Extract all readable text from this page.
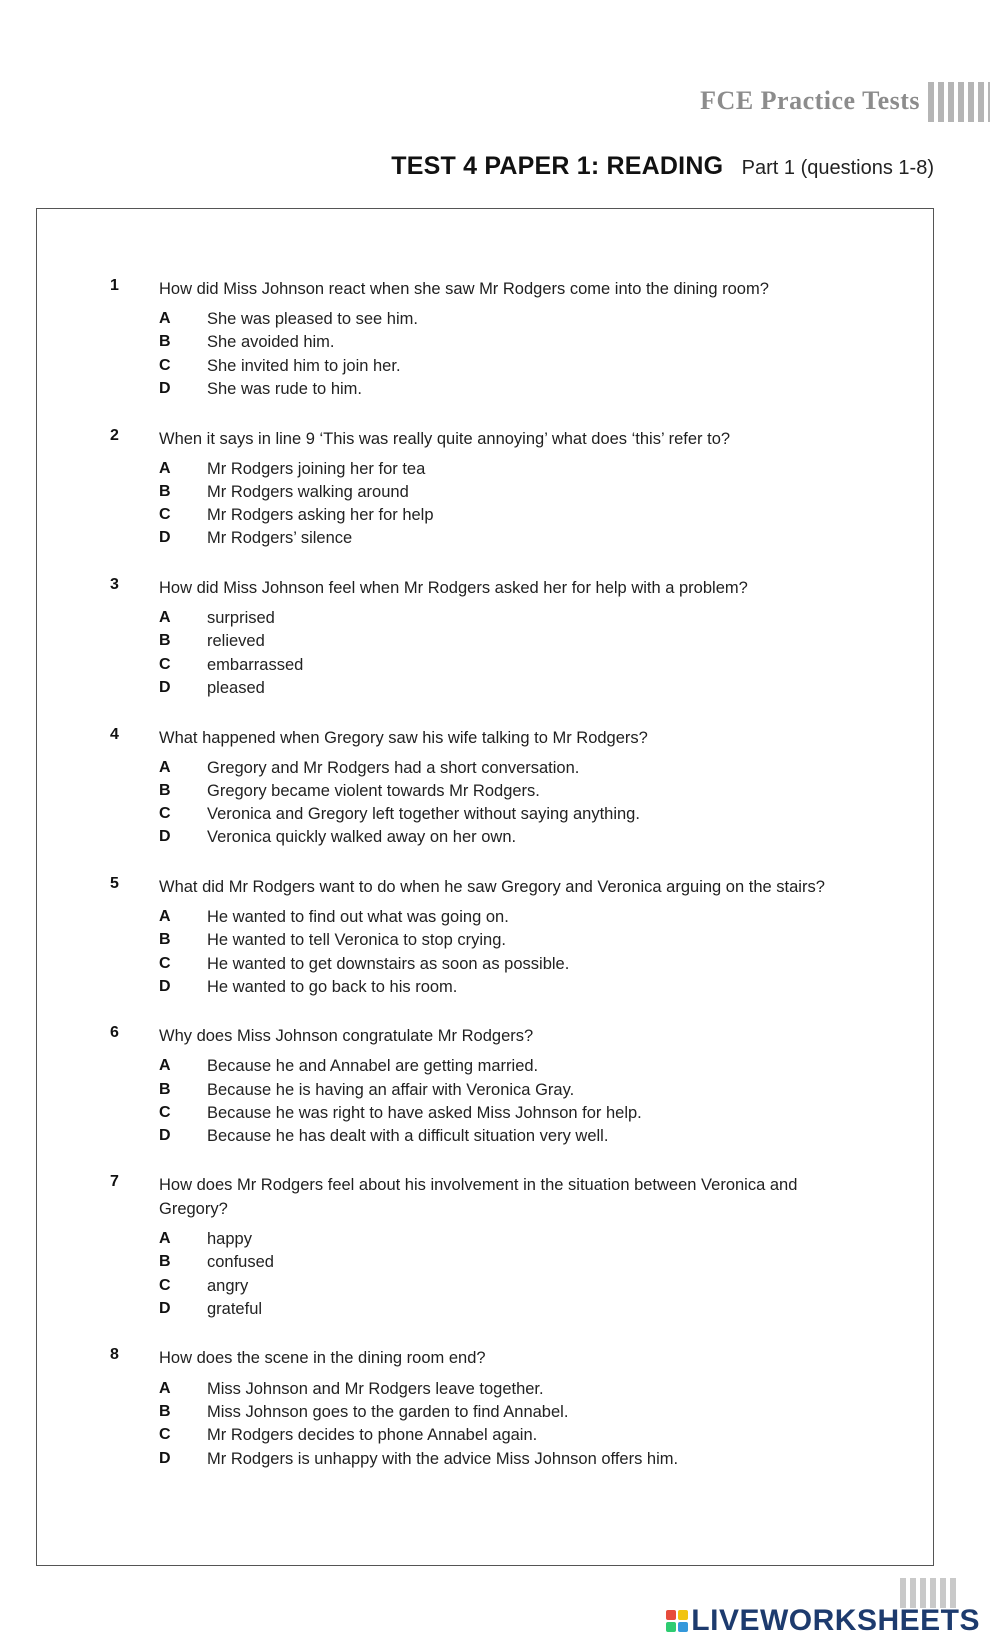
FCE Practice Tests
TEST 4 PAPER 1: READING Part 1 (questions 1-8)
1 How did Miss Johnson react when she saw Mr Rodgers come into the dining room?
A She was pleased to see him.
B She avoided him.
C She invited him to join her.
D She was rude to him.
2 When it says in line 9 ‘This was really quite annoying’ what does ‘this’ refer to?
A Mr Rodgers joining her for tea
B Mr Rodgers walking around
C Mr Rodgers asking her for help
D Mr Rodgers’ silence
3 How did Miss Johnson feel when Mr Rodgers asked her for help with a problem?
A surprised
B relieved
C embarrassed
D pleased
4 What happened when Gregory saw his wife talking to Mr Rodgers?
A Gregory and Mr Rodgers had a short conversation.
B Gregory became violent towards Mr Rodgers.
C Veronica and Gregory left together without saying anything.
D Veronica quickly walked away on her own.
5 What did Mr Rodgers want to do when he saw Gregory and Veronica arguing on the stairs?
A He wanted to find out what was going on.
B He wanted to tell Veronica to stop crying.
C He wanted to get downstairs as soon as possible.
D He wanted to go back to his room.
6 Why does Miss Johnson congratulate Mr Rodgers?
A Because he and Annabel are getting married.
B Because he is having an affair with Veronica Gray.
C Because he was right to have asked Miss Johnson for help.
D Because he has dealt with a difficult situation very well.
7 How does Mr Rodgers feel about his involvement in the situation between Veronica and Gregory?
A happy
B confused
C angry
D grateful
8 How does the scene in the dining room end?
A Miss Johnson and Mr Rodgers leave together.
B Miss Johnson goes to the garden to find Annabel.
C Mr Rodgers decides to phone Annabel again.
D Mr Rodgers is unhappy with the advice Miss Johnson offers him.
LIVEWORKSHEETS
